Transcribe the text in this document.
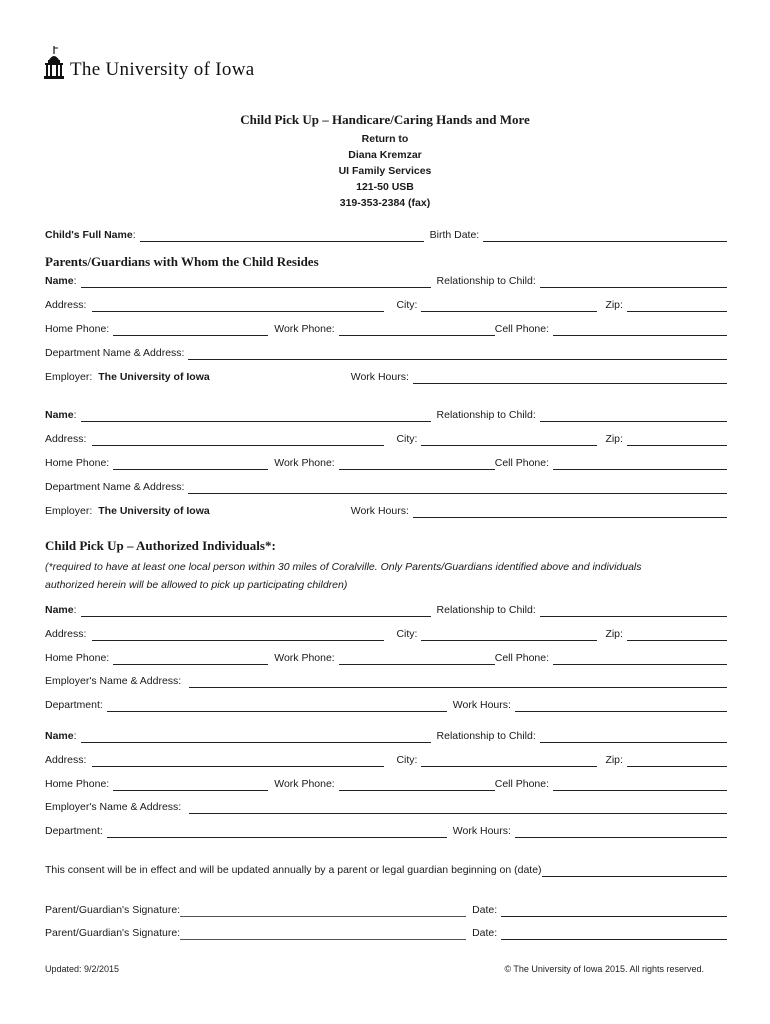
The University of Iowa
Child Pick Up – Handicare/Caring Hands and More
Return to
Diana Kremzar
UI Family Services
121-50 USB
319-353-2384 (fax)
Child's Full Name :	Birth Date:
Parents/Guardians with Whom the Child Resides
Name :	Relationship to Child:
Address:	City:	Zip:
Home Phone:	Work Phone:	Cell Phone:
Department Name & Address:
Employer: The University of Iowa	Work Hours:
Name :	Relationship to Child:
Address:	City:	Zip:
Home Phone:	Work Phone:	Cell Phone:
Department Name & Address:
Employer: The University of Iowa	Work Hours:
Child Pick Up – Authorized Individuals*:
(*required to have at least one local person within 30 miles of Coralville. Only Parents/Guardians identified above and individuals
authorized herein will be allowed to pick up participating children)
Name :	Relationship to Child:
Address:	City:	Zip:
Home Phone:	Work Phone:	Cell Phone:
Employer's Name & Address:
Department:	Work Hours:
Name :	Relationship to Child:
Address:	City:	Zip:
Home Phone:	Work Phone:	Cell Phone:
Employer's Name & Address:
Department:	Work Hours:
This consent will be in effect and will be updated annually by a parent or legal guardian beginning on (date)
Parent/Guardian's Signature:	Date:
Parent/Guardian's Signature:	Date:
Updated: 9/2/2015	© The University of Iowa 2015. All rights reserved.
